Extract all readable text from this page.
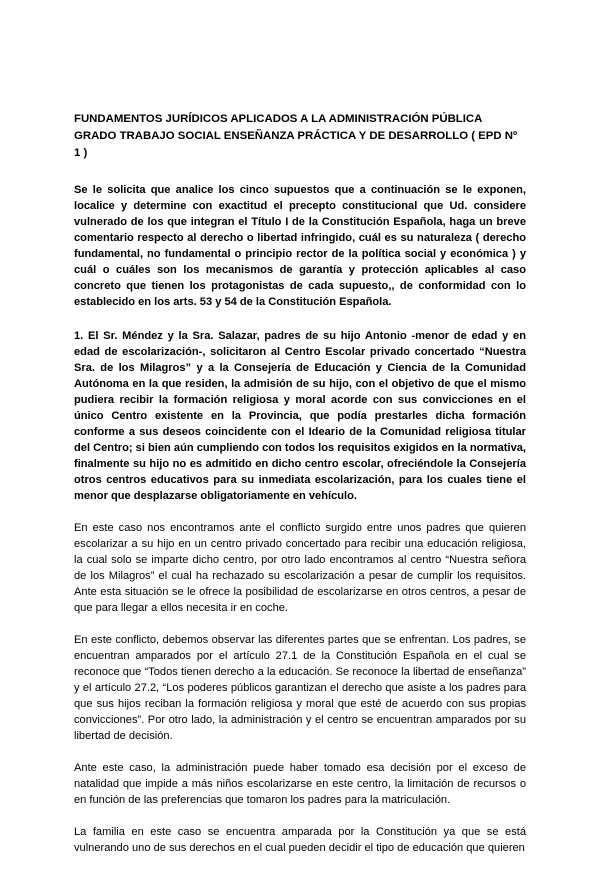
FUNDAMENTOS JURÍDICOS APLICADOS A LA ADMINISTRACIÓN PÚBLICA GRADO TRABAJO SOCIAL ENSEÑANZA PRÁCTICA Y DE DESARROLLO ( EPD Nº 1 )

Se le solicita que analice los cinco supuestos que a continuación se le exponen, localice y determine con exactitud el precepto constitucional que Ud. considere vulnerado de los que integran el Título I de la Constitución Española, haga un breve comentario respecto al derecho o libertad infringido, cuál es su naturaleza ( derecho fundamental, no fundamental o principio rector de la política social y económica ) y cuál o cuáles son los mecanismos de garantía y protección aplicables al caso concreto que tienen los protagonistas de cada supuesto,, de conformidad con lo establecido en los arts. 53 y 54 de la Constitución Española.

1. El Sr. Méndez y la Sra. Salazar, padres de su hijo Antonio -menor de edad y en edad de escolarización-, solicitaron al Centro Escolar privado concertado “Nuestra Sra. de los Milagros” y a la Consejería de Educación y Ciencia de la Comunidad Autónoma en la que residen, la admisión de su hijo, con el objetivo de que el mismo pudiera recibir la formación religiosa y moral acorde con sus convicciones en el único Centro existente en la Provincia, que podía prestarles dicha formación conforme a sus deseos coincidente con el Ideario de la Comunidad religiosa titular del Centro; si bien aún cumpliendo con todos los requisitos exigidos en la normativa, finalmente su hijo no es admitido en dicho centro escolar, ofreciéndole la Consejería otros centros educativos para su inmediata escolarización, para los cuales tiene el menor que desplazarse obligatoriamente en vehículo.

En este caso nos encontramos ante el conflicto surgido entre unos padres que quieren escolarizar a su hijo en un centro privado concertado para recibir una educación religiosa, la cual solo se imparte dicho centro, por otro lado encontramos al centro “Nuestra señora de los Milagros” el cual ha rechazado su escolarización a pesar de cumplir los requisitos. Ante esta situación se le ofrece la posibilidad de escolarizarse en otros centros, a pesar de que para llegar a ellos necesita ir en coche.

En este conflicto, debemos observar las diferentes partes que se enfrentan. Los padres, se encuentran amparados por el artículo 27.1 de la Constitución Española en el cual se reconoce que “Todos tienen derecho a la educación. Se reconoce la libertad de enseñanza” y el artículo 27.2, “Los poderes públicos garantizan el derecho que asiste a los padres para que sus hijos reciban la formación religiosa y moral que esté de acuerdo con sus propias convicciones”. Por otro lado, la administración y el centro se encuentran amparados por su libertad de decisión.

Ante este caso, la administración puede haber tomado esa decisión por el exceso de natalidad que impide a más niños escolarizarse en este centro, la limitación de recursos o en función de las preferencias que tomaron los padres para la matriculación.

La familia en este caso se encuentra amparada por la Constitución ya que se está vulnerando uno de sus derechos en el cual pueden decidir el tipo de educación que quieren
